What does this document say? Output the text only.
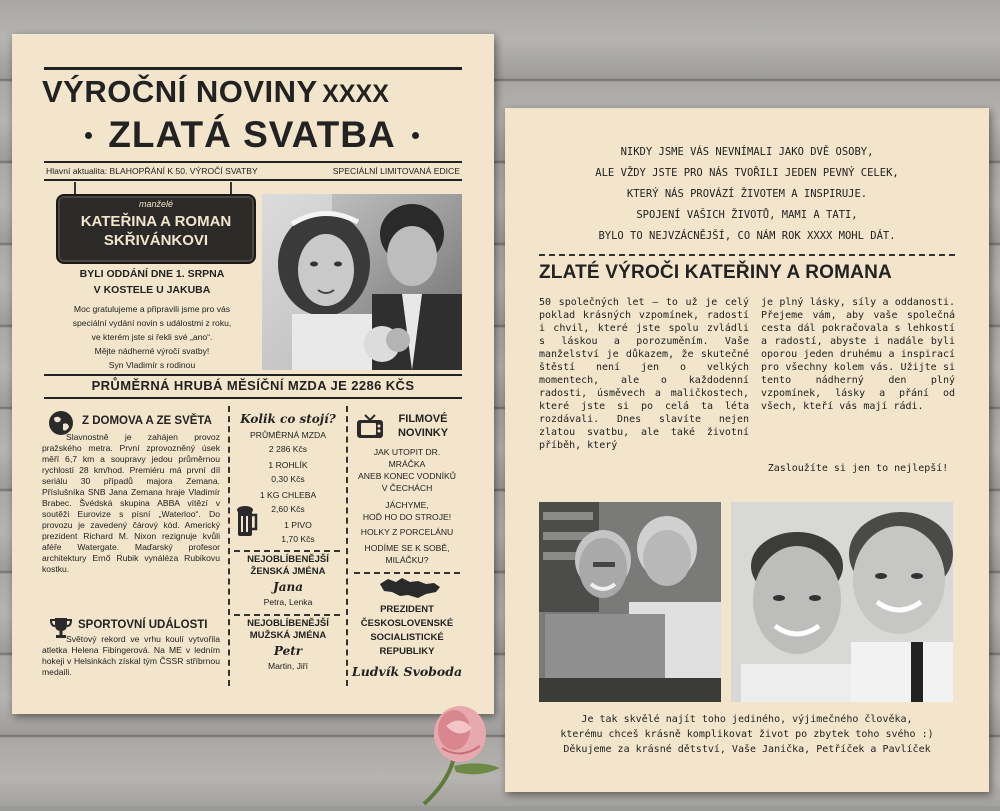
VÝROČNÍ NOVINY XXXX
ZLATÁ SVATBA
Hlavní aktualita: BLAHOPŘÁNÍ K 50. VÝROČÍ SVATBY	SPECIÁLNÍ LIMITOVANÁ EDICE
manželé
KATEŘINA A ROMAN
SKŘIVÁNKOVI
BYLI ODDÁNÍ DNE 1. SRPNA
V KOSTELE U JAKUBA
Moc gratulujeme a připravili jsme pro vás
speciální vydání novin s událostmi z roku,
ve kterém jste si řekli své „ano“.
Mějte nádherné výročí svatby!
Syn Vladimír s rodinou
PRŮMĚRNÁ HRUBÁ MĚSÍČNÍ MZDA JE 2286 KČS
Z DOMOVA A ZE SVĚTA
Slavnostně je zahájen provoz pražského metra. První zprovozněný úsek měří 6,7 km a soupravy jedou průměrnou rychlostí 28 km/hod. Premiéru má první díl seriálu 30 případů majora Zemana. Příslušníka SNB Jana Zemana hraje Vladimír Brabec. Švédská skupina ABBA vítězí v soutěži Eurovize s písní „Waterloo“. Do provozu je zavedený čárový kód. Americký prezident Richard M. Nixon rezignuje kvůli aféře Watergate. Maďarský profesor architektury Ernő Rubik vynáléza Rubikovu kostku.
SPORTOVNÍ UDÁLOSTI
Světový rekord ve vrhu koulí vytvořila atletka Helena Fibingerová. Na ME v ledním hokeji v Helsinkách získal tým ČSSR stříbrnou medaili.
Kolik co stojí?
PRŮMĚRNÁ MZDA
2 286 Kčs
1 ROHLÍK
0,30 Kčs
1 KG CHLEBA
2,60 Kčs
1 PIVO
1,70 Kčs
NEJOBLÍBENĚJŠÍ
ŽENSKÁ JMÉNA
Jana
Petra, Lenka
NEJOBLÍBENĚJŠÍ
MUŽSKÁ JMÉNA
Petr
Martin, Jiří
FILMOVÉ
NOVINKY
JAK UTOPIT DR.
MRÁČKA
ANEB KONEC VODNÍKŮ
V ČECHÁCH
JÁCHYME,
HOĎ HO DO STROJE!
HOLKY Z PORCELÁNU
HODÍME SE K SOBĚ,
MILÁČKU?
PREZIDENT
ČESKOSLOVENSKÉ
SOCIALISTICKÉ
REPUBLIKY
Ludvík Svoboda
NIKDY JSME VÁS NEVNÍMALI JAKO DVĚ OSOBY,
ALE VŽDY JSTE PRO NÁS TVOŘILI JEDEN PEVNÝ CELEK,
KTERÝ NÁS PROVÁZÍ ŽIVOTEM A INSPIRUJE.
SPOJENÍ VAŠICH ŽIVOTŮ, MAMI A TATI,
BYLO TO NEJVZÁCNĚJŠÍ, CO NÁM ROK XXXX MOHL DÁT.
ZLATÉ VÝROČI KATEŘINY A ROMANA
50 společných let – to už je celý poklad krásných vzpomínek, radostí i chvil, které jste spolu zvládli s láskou a porozuměním. Vaše manželství je důkazem, že skutečné štěstí není jen o velkých momentech, ale o každodenní radosti, úsměvech a maličkostech, které jste si po celá ta léta rozdávali. Dnes slavíte nejen zlatou svatbu, ale také životní příběh, který
je plný lásky, síly a oddanosti. Přejeme vám, aby vaše společná cesta dál pokračovala s lehkostí a radostí, abyste i nadále byli oporou jeden druhému a inspirací pro všechny kolem vás. Užijte si tento nádherný den plný vzpomínek, lásky a přání od všech, kteří vás mají rádi.
Zasloužíte si jen to nejlepší!
Je tak skvělé najít toho jediného, výjimečného člověka,
kterému chceš krásně komplikovat život po zbytek toho svého :)
Děkujeme za krásné dětství, Vaše Janička, Petříček a Pavlíček
